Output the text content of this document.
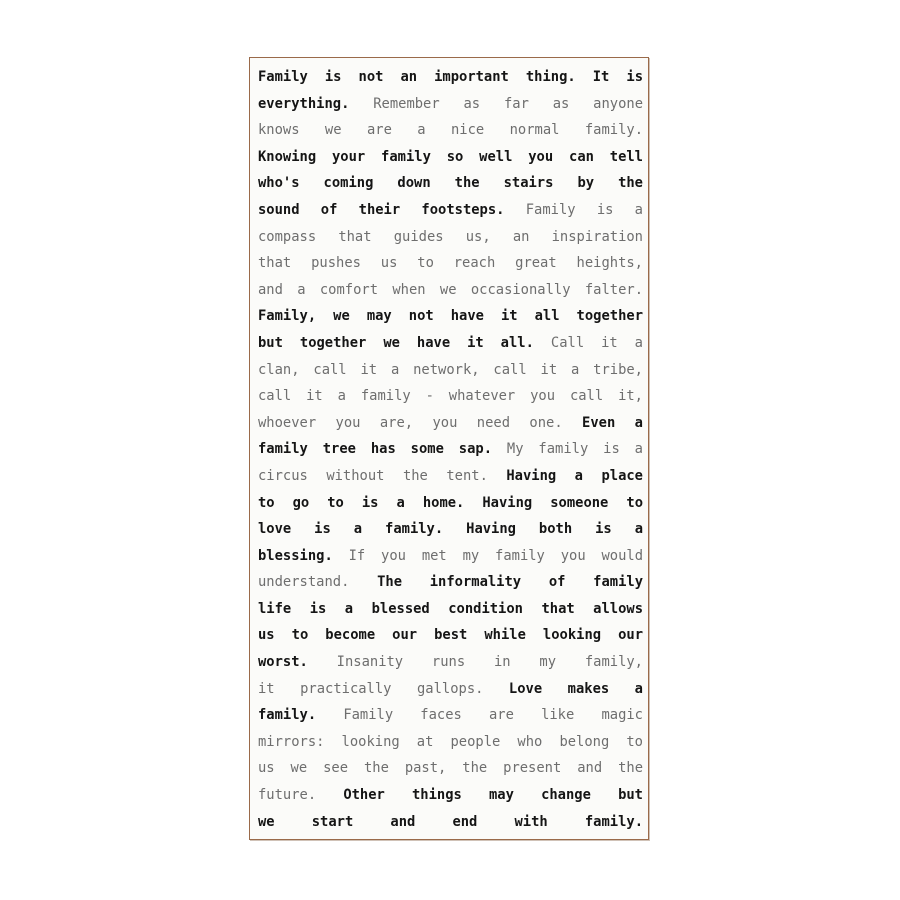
Family is not an important thing. It is
everything. Remember as far as anyone
knows we are a nice normal family.
Knowing your family so well you can tell
who's coming down the stairs by the
sound of their footsteps. Family is a
compass that guides us, an inspiration
that pushes us to reach great heights,
and a comfort when we occasionally falter.
Family, we may not have it all together
but together we have it all. Call it a
clan, call it a network, call it a tribe,
call it a family - whatever you call it,
whoever you are, you need one. Even a
family tree has some sap. My family is a
circus without the tent. Having a place
to go to is a home. Having someone to
love is a family. Having both is a
blessing. If you met my family you would
understand. The informality of family
life is a blessed condition that allows
us to become our best while looking our
worst. Insanity runs in my family,
it practically gallops. Love makes a
family. Family faces are like magic
mirrors: looking at people who belong to
us we see the past, the present and the
future. Other things may change but
we start and end with family.
